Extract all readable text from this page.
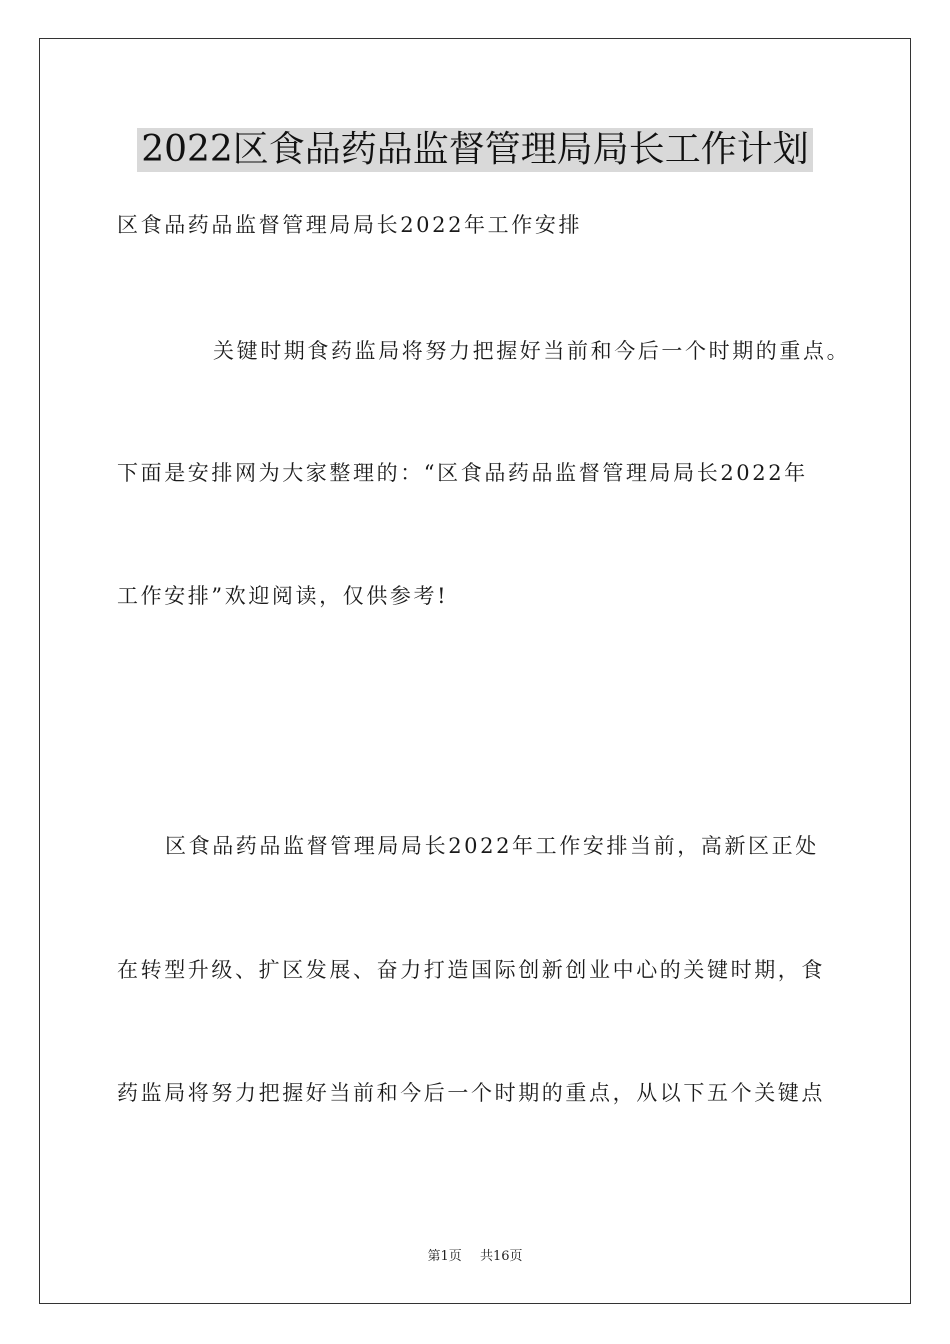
2022区食品药品监督管理局局长工作计划
区食品药品监督管理局局长2022年工作安排
关键时期食药监局将努力把握好当前和今后一个时期的重点。
下面是安排网为大家整理的：“区食品药品监督管理局局长2022年
工作安排”欢迎阅读，仅供参考!
区食品药品监督管理局局长2022年工作安排当前，高新区正处
在转型升级、扩区发展、奋力打造国际创新创业中心的关键时期，食
药监局将努力把握好当前和今后一个时期的重点，从以下五个关键点
第1页 共16页
